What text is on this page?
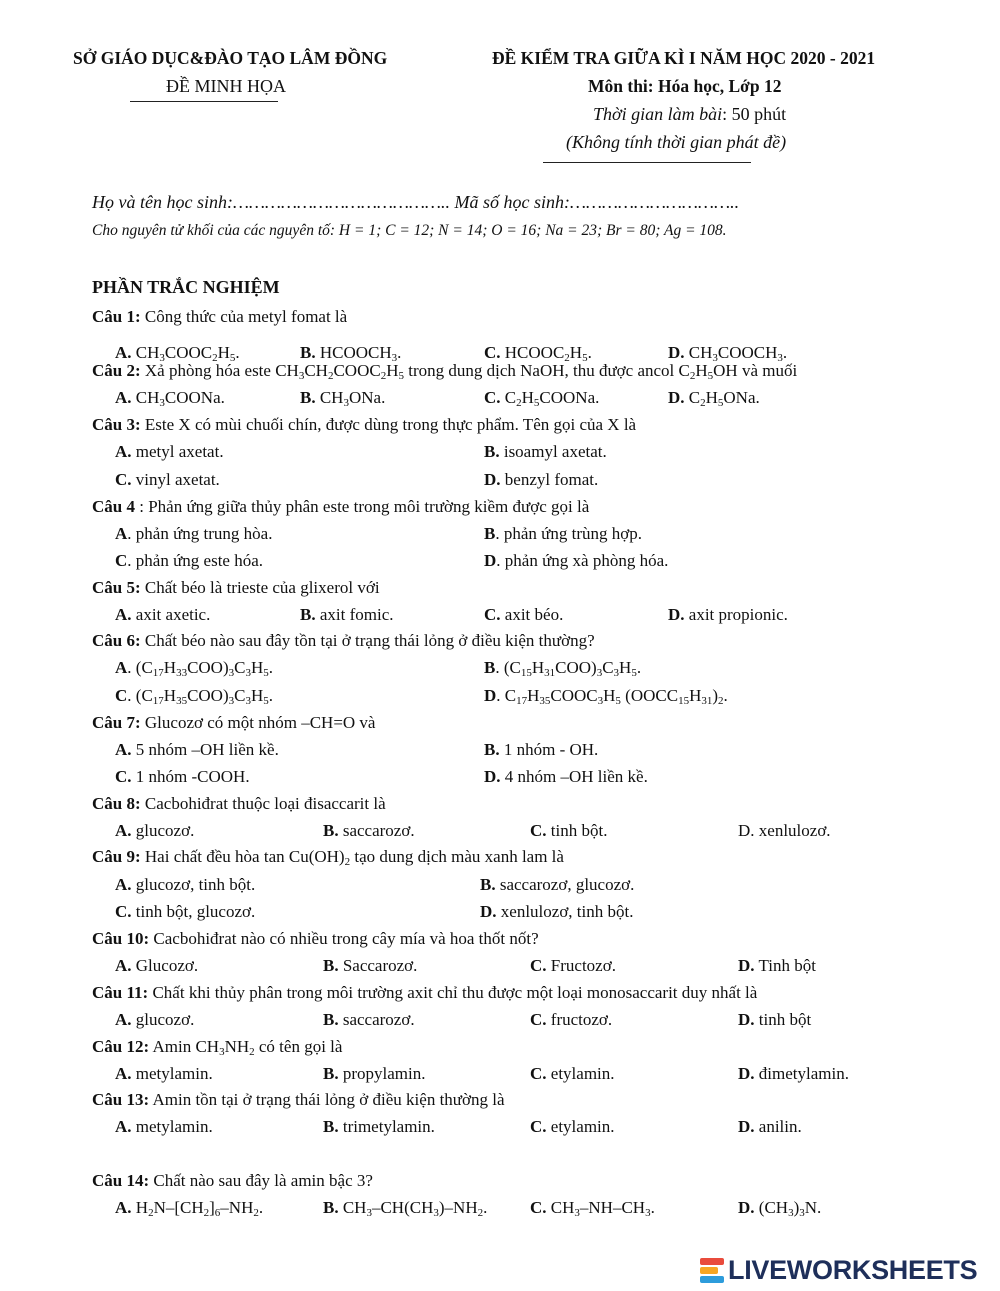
SỞ GIÁO DỤC&ĐÀO TẠO LÂM ĐỒNG
ĐỀ MINH HỌA
ĐỀ KIỂM TRA GIỮA KÌ I NĂM HỌC 2020 - 2021
Môn thi: Hóa học, Lớp 12
Thời gian làm bài: 50 phút
(Không tính thời gian phát đề)
Họ và tên học sinh:………………………………….. Mã số học sinh:…………………………..
Cho nguyên tử khối của các nguyên tố: H = 1; C = 12; N = 14; O = 16; Na = 23; Br = 80; Ag = 108.
PHẦN TRẮC NGHIỆM
Câu 1: Công thức của metyl fomat là
A. $CH_3COOC_2H_5$.	B. $HCOOCH_3$.	C. $HCOOC_2H_5$.	D. $CH_3COOCH_3$.
Câu 2: Xả phòng hóa este $CH_3CH_2COOC_2H_5$ trong dung dịch NaOH, thu được ancol $C_2H_5OH$ và muối
A. $CH_3COONa$.	B. $CH_3ONa$.	C. $C_2H_5COONa$.	D. $C_2H_5ONa$.
Câu 3: Este X có mùi chuối chín, được dùng trong thực phẩm. Tên gọi của X là
A. metyl axetat.	B. isoamyl axetat.
C. vinyl axetat.	D. benzyl fomat.
Câu 4 : Phản ứng giữa thủy phân este trong môi trường kiềm được gọi là
A. phản ứng trung hòa.	B. phản ứng trùng hợp.
C. phản ứng este hóa.	D. phản ứng xà phòng hóa.
Câu 5: Chất béo là trieste của glixerol với
A. axit axetic.	B. axit fomic.	C. axit béo.	D. axit propionic.
Câu 6: Chất béo nào sau đây tồn tại ở trạng thái lỏng ở điều kiện thường?
A. $(C_{17}H_{33}COO)_3C_3H_5$.	B. $(C_{15}H_{31}COO)_3C_3H_5$.
C. $(C_{17}H_{35}COO)_3C_3H_5$.	D. $C_{17}H_{35}COOC_3H_5$ $(OOCC_{15}H_{31})_2$.
Câu 7: Glucozơ có một nhóm –CH=O và
A. 5 nhóm –OH liền kề.	B. 1 nhóm - OH.
C. 1 nhóm -COOH.	D. 4 nhóm –OH liền kề.
Câu 8: Cacbohiđrat thuộc loại đisaccarit là
A. glucozơ.	B. saccarozơ.	C. tinh bột.	D. xenlulozơ.
Câu 9: Hai chất đều hòa $\tan Cu(OH)_2$ tạo dung dịch màu xanh lam là
A. glucozơ, tinh bột.	B. saccarozơ, glucozơ.
C. tinh bột, glucozơ.	D. xenlulozơ, tinh bột.
Câu 10: Cacbohiđrat nào có nhiều trong cây mía và hoa thốt nốt?
A. Glucozơ.	B. Saccarozơ.	C. Fructozơ.	D. Tinh bột
Câu 11: Chất khi thủy phân trong môi trường axit chỉ thu được một loại monosaccarit duy nhất là
A. glucozơ.	B. saccarozơ.	C. fructozơ.	D. tinh bột
Câu 12: Amin $CH_3NH_2$ có tên gọi là
A. metylamin.	B. propylamin.	C. etylamin.	D. đimetylamin.
Câu 13: Amin tồn tại ở trạng thái lỏng ở điều kiện thường là
A. metylamin.	B. trimetylamin.	C. etylamin.	D. anilin.
Câu 14: Chất nào sau đây là amin bậc 3?
A. $H_2N-[CH_2]_6-NH_2$.	B. $CH_3-CH(CH_3)-NH_2$.	C. $CH_3-NH-CH_3$.	D. $(CH_3)_3N$.
LIVEWORKSHEETS
